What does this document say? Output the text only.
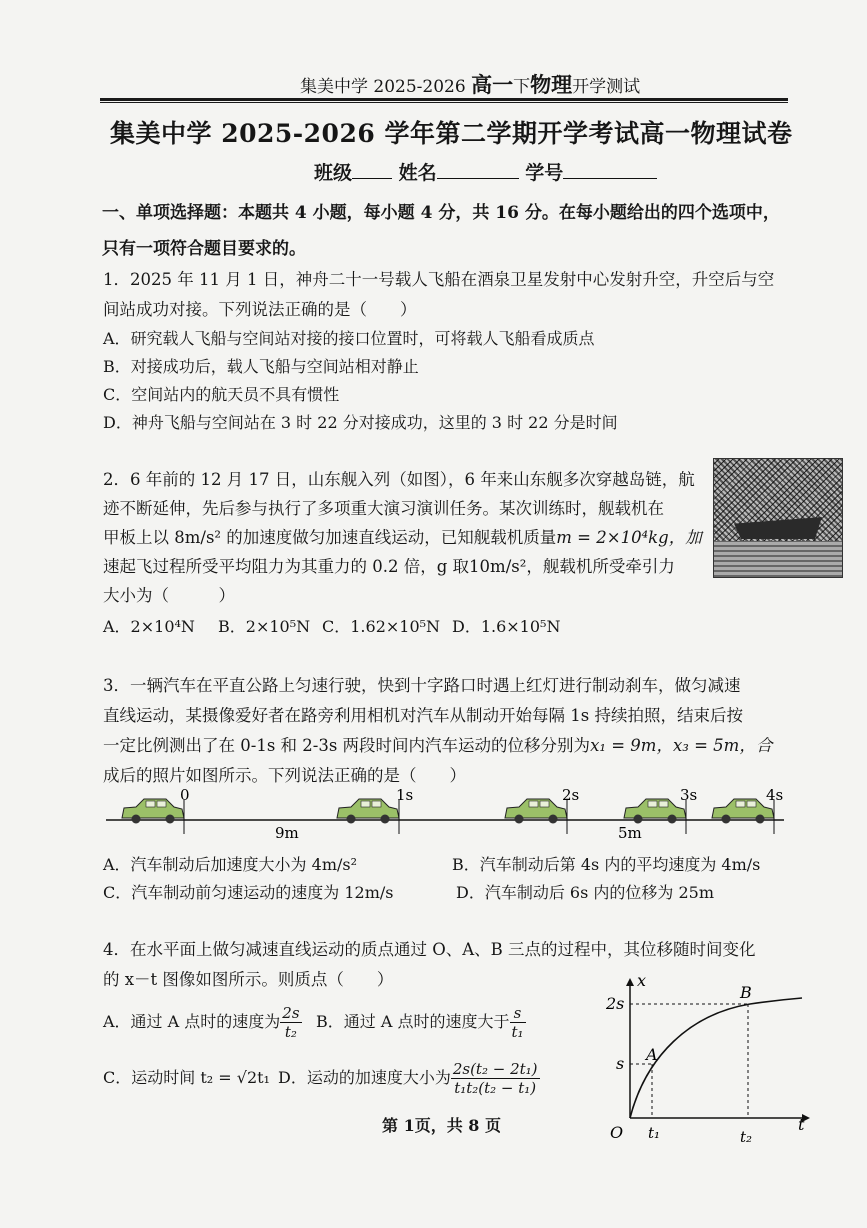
集美中学 2025-2026 高一下物理开学测试
集美中学 2025-2026 学年第二学期开学考试高一物理试卷
班级 姓名	学号
一、单项选择题：本题共 4 小题，每小题 4 分，共 16 分。在每小题给出的四个选项中，
只有一项符合题目要求的。
1．2025 年 11 月 1 日，神舟二十一号载人飞船在酒泉卫星发射中心发射升空，升空后与空
间站成功对接。下列说法正确的是（　　）
A．研究载人飞船与空间站对接的接口位置时，可将载人飞船看成质点
B．对接成功后，载人飞船与空间站相对静止
C．空间站内的航天员不具有惯性
D．神舟飞船与空间站在 3 时 22 分对接成功，这里的 3 时 22 分是时间
2．6 年前的 12 月 17 日，山东舰入列（如图），6 年来山东舰多次穿越岛链，航
迹不断延伸，先后参与执行了多项重大演习演训任务。某次训练时，舰载机在
甲板上以 8m/s² 的加速度做匀加速直线运动，已知舰载机质量m = 2×10⁴kg，加
速起飞过程所受平均阻力为其重力的 0.2 倍，g 取10m/s²，舰载机所受牵引力
大小为（　　　）
A．2×10⁴N B．2×10⁵N C．1.62×10⁵N D．1.6×10⁵N
3．一辆汽车在平直公路上匀速行驶，快到十字路口时遇上红灯进行制动刹车，做匀减速
直线运动，某摄像爱好者在路旁利用相机对汽车从制动开始每隔 1s 持续拍照，结束后按
一定比例测出了在 0-1s 和 2-3s 两段时间内汽车运动的位移分别为x₁ = 9m，x₃ = 5m，合
成后的照片如图所示。下列说法正确的是（　　）
0	1s	2s	3s	4s
9m	5m
A．汽车制动后加速度大小为 4m/s²	B．汽车制动后第 4s 内的平均速度为 4m/s
C．汽车制动前匀速运动的速度为 12m/s	D．汽车制动后 6s 内的位移为 25m
4．在水平面上做匀减速直线运动的质点通过 O、A、B 三点的过程中，其位移随时间变化
的 x－t 图像如图所示。则质点（　　）
A．通过 A 点时的速度为 $\frac{2s}{\text{t₂}}$ B．通过 A 点时的速度大于 $\frac{s}{\text{t₁}}$
C．运动时间 t₂ = √2t₁ D．运动的加速度大小为 $\frac{\text{2s(t₂ − 2t₁)}}{\text{t₁t₂(t₂ − t₁)}}$
x
t
O
2s
s
t₁	t₂
A
B
第 1页，共 8 页
